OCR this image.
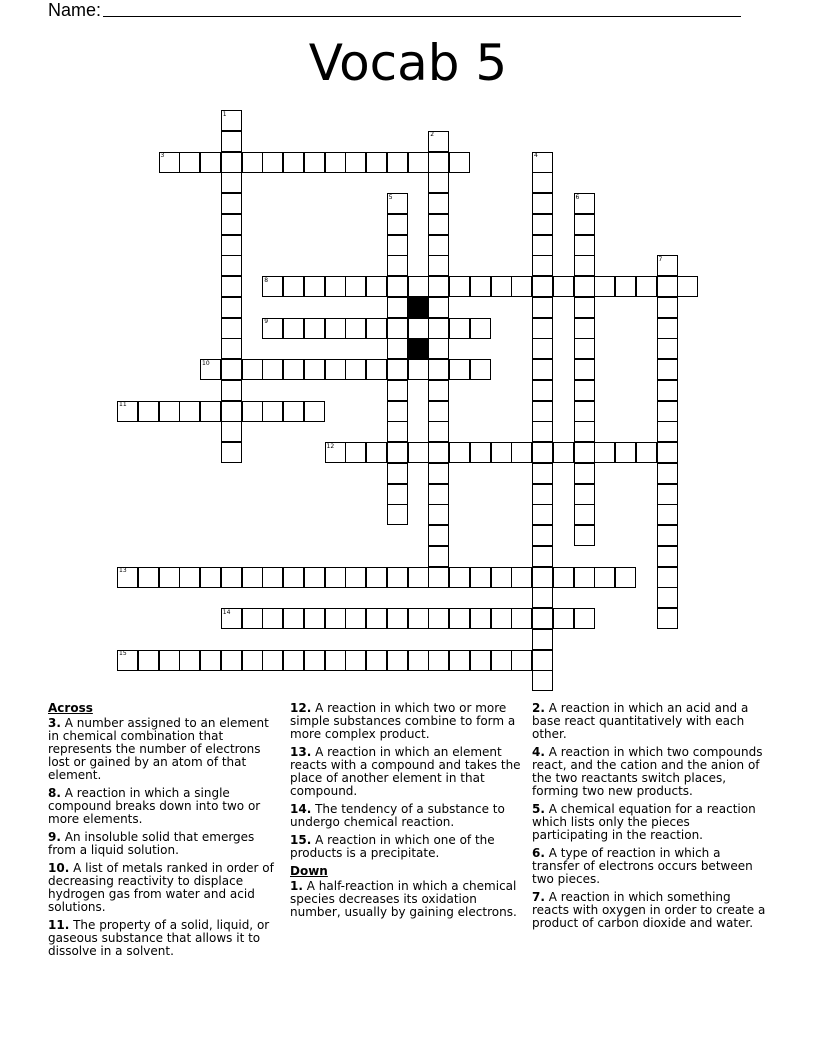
Name:
Vocab 5
1
2
3	4
5	6
7
8
9
10
11
12
13
14
15
Across
3. A number assigned to an element in chemical combination that represents the number of electrons lost or gained by an atom of that element.
8. A reaction in which a single compound breaks down into two or more elements.
9. An insoluble solid that emerges from a liquid solution.
10. A list of metals ranked in order of decreasing reactivity to displace hydrogen gas from water and acid solutions.
11. The property of a solid, liquid, or gaseous substance that allows it to dissolve in a solvent.
12. A reaction in which two or more simple substances combine to form a more complex product.
13. A reaction in which an element reacts with a compound and takes the place of another element in that compound.
14. The tendency of a substance to undergo chemical reaction.
15. A reaction in which one of the products is a precipitate.
Down
1. A half-reaction in which a chemical species decreases its oxidation number, usually by gaining electrons.
2. A reaction in which an acid and a base react quantitatively with each other.
4. A reaction in which two compounds react, and the cation and the anion of the two reactants switch places, forming two new products.
5. A chemical equation for a reaction which lists only the pieces participating in the reaction.
6. A type of reaction in which a transfer of electrons occurs between two pieces.
7. A reaction in which something reacts with oxygen in order to create a product of carbon dioxide and water.
